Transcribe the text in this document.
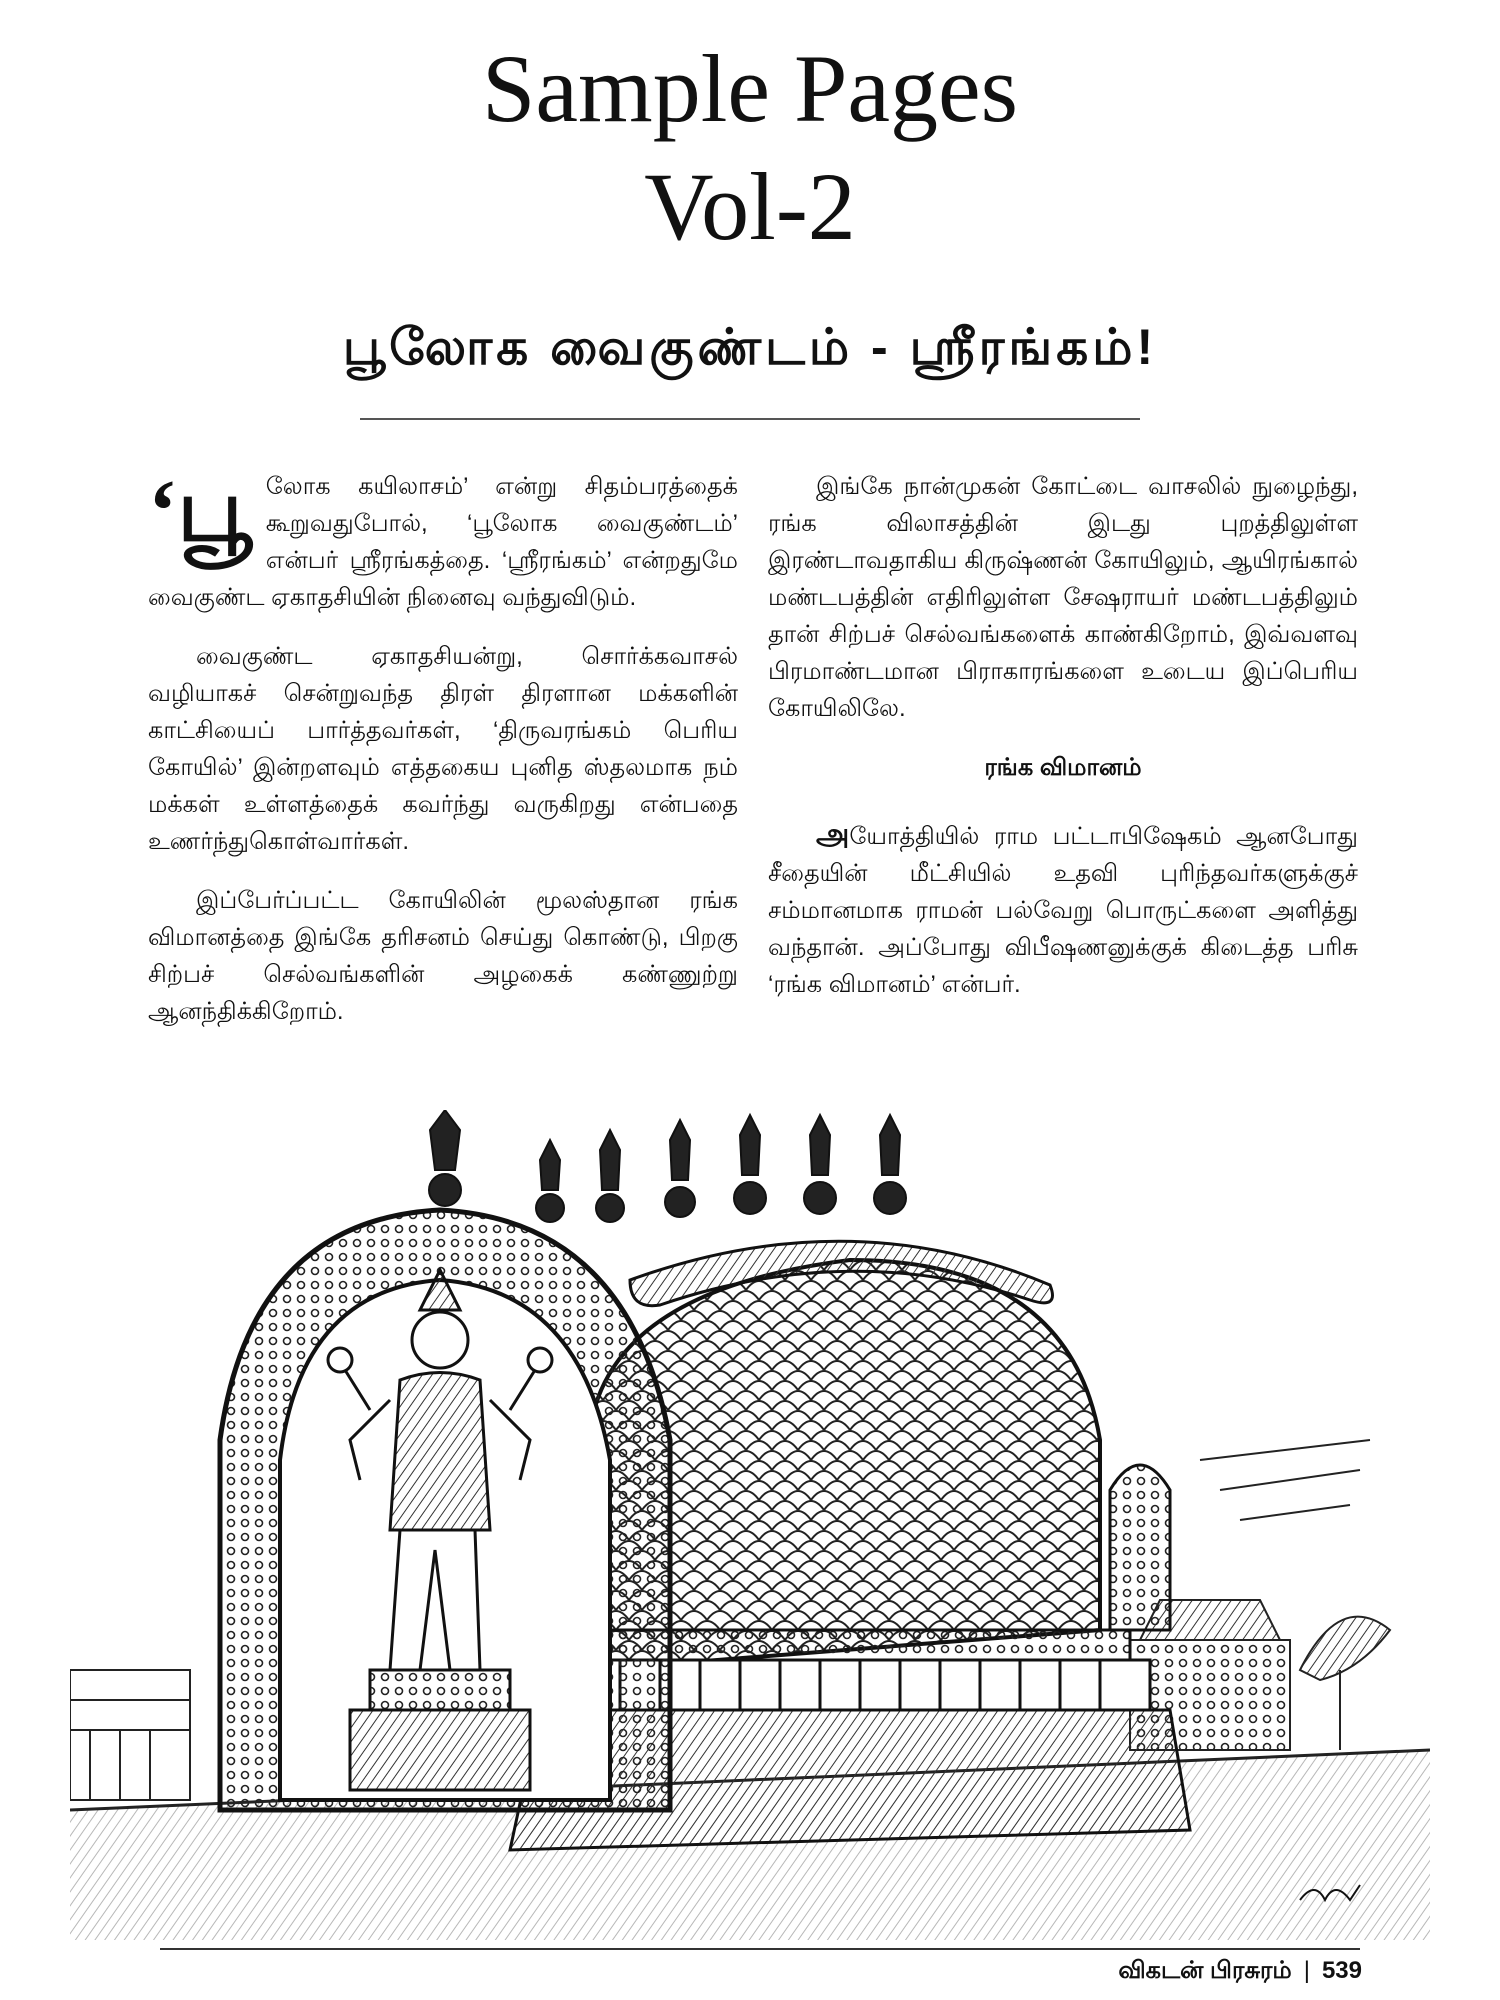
Sample Pages
Vol-2
பூலோக வைகுண்டம் - ஸ்ரீரங்கம்!

‘பூ லோக கயிலாசம்’ என்று சிதம்பரத்தைக் கூறுவதுபோல், ‘பூலோக வைகுண்டம்’ என்பர் ஸ்ரீரங்கத்தை. ‘ஸ்ரீரங்கம்’ என்றதுமே வைகுண்ட ஏகாதசியின் நினைவு வந்துவிடும்.

வைகுண்ட ஏகாதசியன்று, சொர்க்கவாசல் வழியாகச் சென்றுவந்த திரள் திரளான மக்களின் காட்சியைப் பார்த்தவர்கள், ‘திருவரங்கம் பெரிய கோயில்’ இன்றளவும் எத்தகைய புனித ஸ்தலமாக நம் மக்கள் உள்ளத்தைக் கவர்ந்து வருகிறது என்பதை உணர்ந்துகொள்வார்கள்.

இப்பேர்ப்பட்ட கோயிலின் மூலஸ்தான ரங்க விமானத்தை இங்கே தரிசனம் செய்து கொண்டு, பிறகு சிற்பச் செல்வங்களின் அழகைக் கண்ணுற்று ஆனந்திக்கிறோம்.

இங்கே நான்முகன் கோட்டை வாசலில் நுழைந்து, ரங்க விலாசத்தின் இடது புறத்திலுள்ள இரண்டாவதாகிய கிருஷ்ணன் கோயிலும், ஆயிரங்கால் மண்டபத்தின் எதிரிலுள்ள சேஷராயர் மண்டபத்திலும் தான் சிற்பச் செல்வங்களைக் காண்கிறோம், இவ்வளவு பிரமாண்டமான பிராகாரங்களை உடைய இப்பெரிய கோயிலிலே.

ரங்க விமானம்

அயோத்தியில் ராம பட்டாபிஷேகம் ஆனபோது சீதையின் மீட்சியில் உதவி புரிந்தவர்களுக்குச் சம்மானமாக ராமன் பல்வேறு பொருட்களை அளித்து வந்தான். அப்போது விபீஷணனுக்குக் கிடைத்த பரிசு ‘ரங்க விமானம்’ என்பர்.

விகடன் பிரசுரம் | 539
